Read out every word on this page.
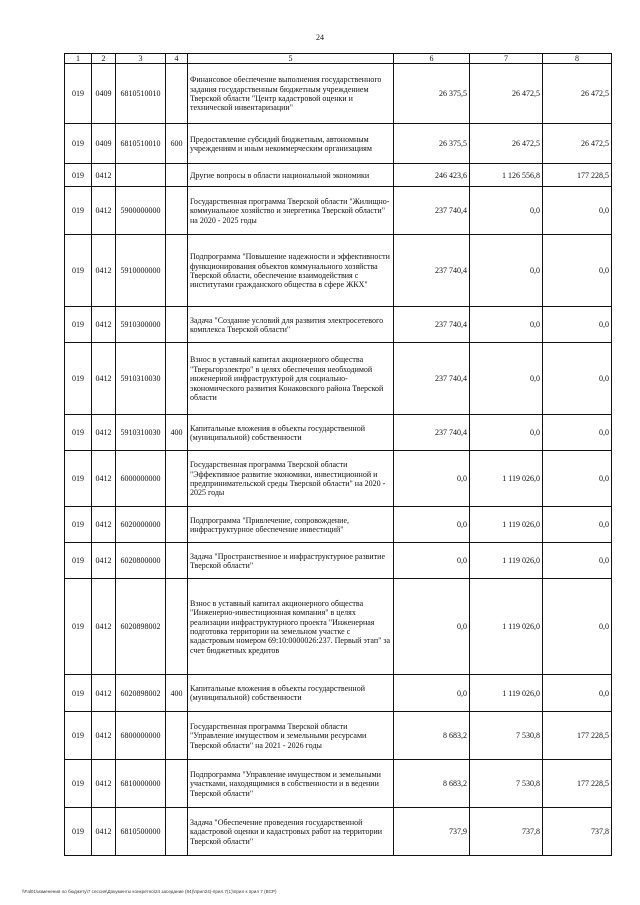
24
1	2	3	4	5	6	7	8
019	0409	6810510010		Финансовое обеспечение выполнения государственного задания государственным бюджетным учреждением Тверской области "Центр кадастровой оценки и технической инвентаризации"	26 375,5	26 472,5	26 472,5
019	0409	6810510010	600	Предоставление субсидий бюджетным, автономным учреждениям и иным некоммерческим организациям	26 375,5	26 472,5	26 472,5
019	0412			Другие вопросы в области национальной экономики	246 423,6	1 126 556,8	177 228,5
019	0412	5900000000		Государственная программа Тверской области "Жилищно-коммунальное хозяйство и энергетика Тверской области" на 2020 - 2025 годы	237 740,4	0,0	0,0
019	0412	5910000000		Подпрограмма "Повышение надежности и эффективности функционирования объектов коммунального хозяйства Тверской области, обеспечение взаимодействия с институтами гражданского общества в сфере ЖКХ"	237 740,4	0,0	0,0
019	0412	5910300000		Задача "Создание условий для развития электросетевого комплекса Тверской области"	237 740,4	0,0	0,0
019	0412	5910310030		Взнос в уставный капитал акционерного общества "Тверьгорэлектро" в целях обеспечения необходимой инженерной инфраструктурой для социально-экономического развития Конаковского района Тверской области	237 740,4	0,0	0,0
019	0412	5910310030	400	Капитальные вложения в объекты государственной (муниципальной) собственности	237 740,4	0,0	0,0
019	0412	6000000000		Государственная программа Тверской области "Эффективное развитие экономики, инвестиционной и предпринимательской среды Тверской области" на 2020 - 2025 годы	0,0	1 119 026,0	0,0
019	0412	6020000000		Подпрограмма "Привлечение, сопровождение, инфраструктурное обеспечение инвестиций"	0,0	1 119 026,0	0,0
019	0412	6020800000		Задача "Пространственное и инфраструктурное развитие Тверской области"	0,0	1 119 026,0	0,0
019	0412	6020898002		Взнос в уставный капитал акционерного общества "Инженерно-инвестиционная компания" в целях реализации инфраструктурного проекта "Инженерная подготовка территории на земельном участке с кадастровым номером 69:10:0000026:237. Первый этап" за счет бюджетных кредитов	0,0	1 119 026,0	0,0
019	0412	6020898002	400	Капитальные вложения в объекты государственной (муниципальной) собственности	0,0	1 119 026,0	0,0
019	0412	6800000000		Государственная программа Тверской области "Управление имуществом и земельными ресурсами Тверской области" на 2021 - 2026 годы	8 683,2	7 530,8	177 228,5
019	0412	6810000000		Подпрограмма "Управление имуществом и земельными участками, находящимися в собственности и в ведении Тверской области"	8 683,2	7 530,8	177 228,5
019	0412	6810500000		Задача "Обеспечение проведения государственной кадастровой оценки и кадастровых работ на территории Тверской области"	737,9	737,8	737,8
\\Fal01\изменения по бюджету\7 сессия\Документы конкретно\24 заседание (84)\прил24)-прил.7(1)\прил к прил 7 (ВСР)
